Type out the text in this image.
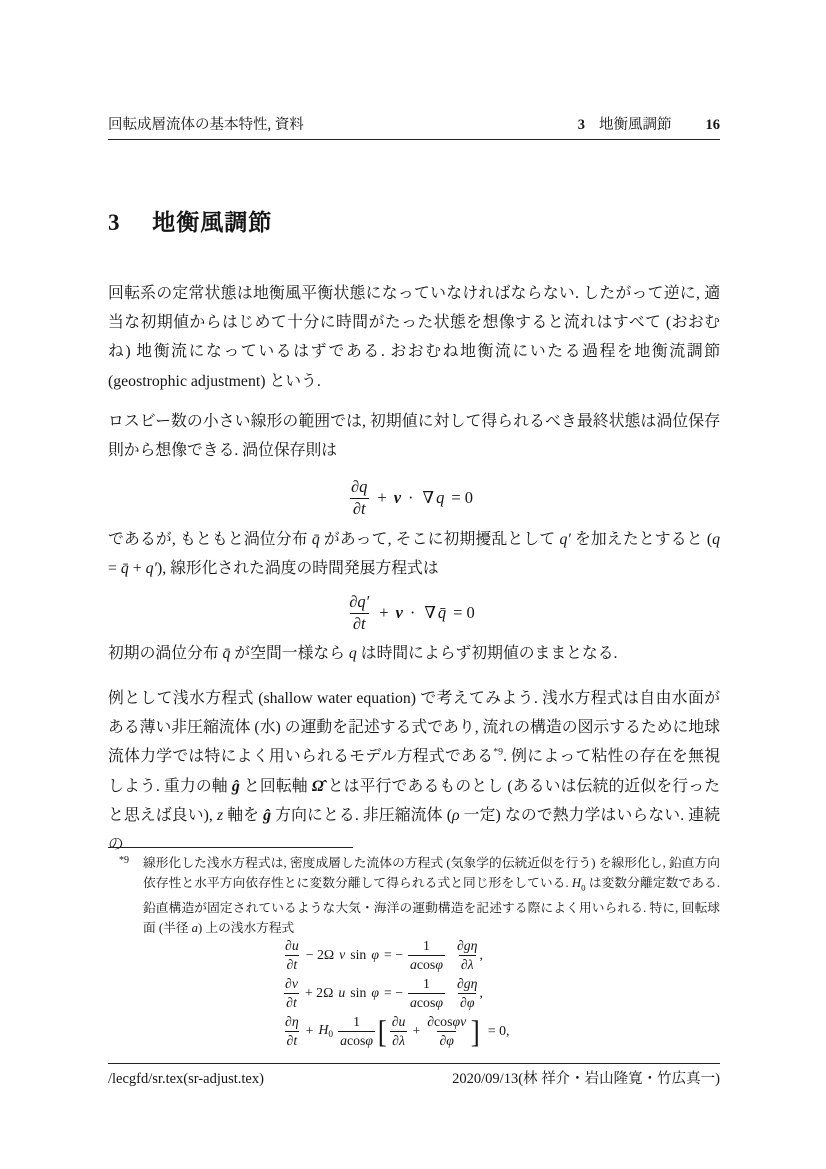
回転成層流体の基本特性, 資料	3 地衡風調節 16
3 地衡風調節
回転系の定常状態は地衡風平衡状態になっていなければならない. したがって逆に, 適当な初期値からはじめて十分に時間がたった状態を想像すると流れはすべて (おおむね) 地衡流になっているはずである. おおむね地衡流にいたる過程を地衡流調節 (geostrophic adjustment) という.
ロスビー数の小さい線形の範囲では, 初期値に対して得られるべき最終状態は渦位保存則から想像できる. 渦位保存則は
$\frac{\partial q}{\partial t} + v$ · ∇ q = 0
であるが, もともと渦位分布 q̄ があって, そこに初期擾乱として q′ を加えたとすると (q = q̄ + q′), 線形化された渦度の時間発展方程式は
$\frac{\partial q'}{\partial t} + v$ · ∇ q̄ = 0
初期の渦位分布 q̄ が空間一様なら q は時間によらず初期値のままとなる.
例として浅水方程式 (shallow water equation) で考えてみよう. 浅水方程式は自由水面がある薄い非圧縮流体 (水) の運動を記述する式であり, 流れの構造の図示するために地球流体力学では特によく用いられるモデル方程式である$^{*9}$. 例によって粘性の存在を無視しよう. 重力の軸 ĝ と回転軸 Ω̂ とは平行であるものとし (あるいは伝統的近似を行ったと思えば良い), z 軸を ĝ 方向にとる. 非圧縮流体 (ρ 一定) なので熱力学はいらない. 連続の
*9 線形化した浅水方程式は, 密度成層した流体の方程式 (気象学的伝統近似を行う) を線形化し, 鉛直方向依存性と水平方向依存性とに変数分離して得られる式と同じ形をしている. $H_0$ は変数分離定数である. 鉛直構造が固定されているような大気・海洋の運動構造を記述する際によく用いられる. 特に, 回転球面 (半径 a) 上の浅水方程式
$\frac{\partial u}{\partial t} - 2\Omega$ v sin φ = − $\frac{1}{acos\varphi} \frac{\partial g\eta}{\partial\lambda}$ ,
$\frac{\partial v}{\partial t} + 2\Omega$ u sin φ = − $\frac{1}{acos\varphi} \frac{\partial g\eta}{\partial\varphi}$ ,
$\frac{\partial\eta}{\partial t} + H_0 \frac{1}{acos\varphi}$ [ $\frac{\partial u}{\partial\lambda} + \frac{\partial\cos\varphi v}{\partial\varphi}$ ] = 0,
/lecgfd/sr.tex(sr-adjust.tex)	2020/09/13(林 祥介・岩山隆寛・竹広真一)
